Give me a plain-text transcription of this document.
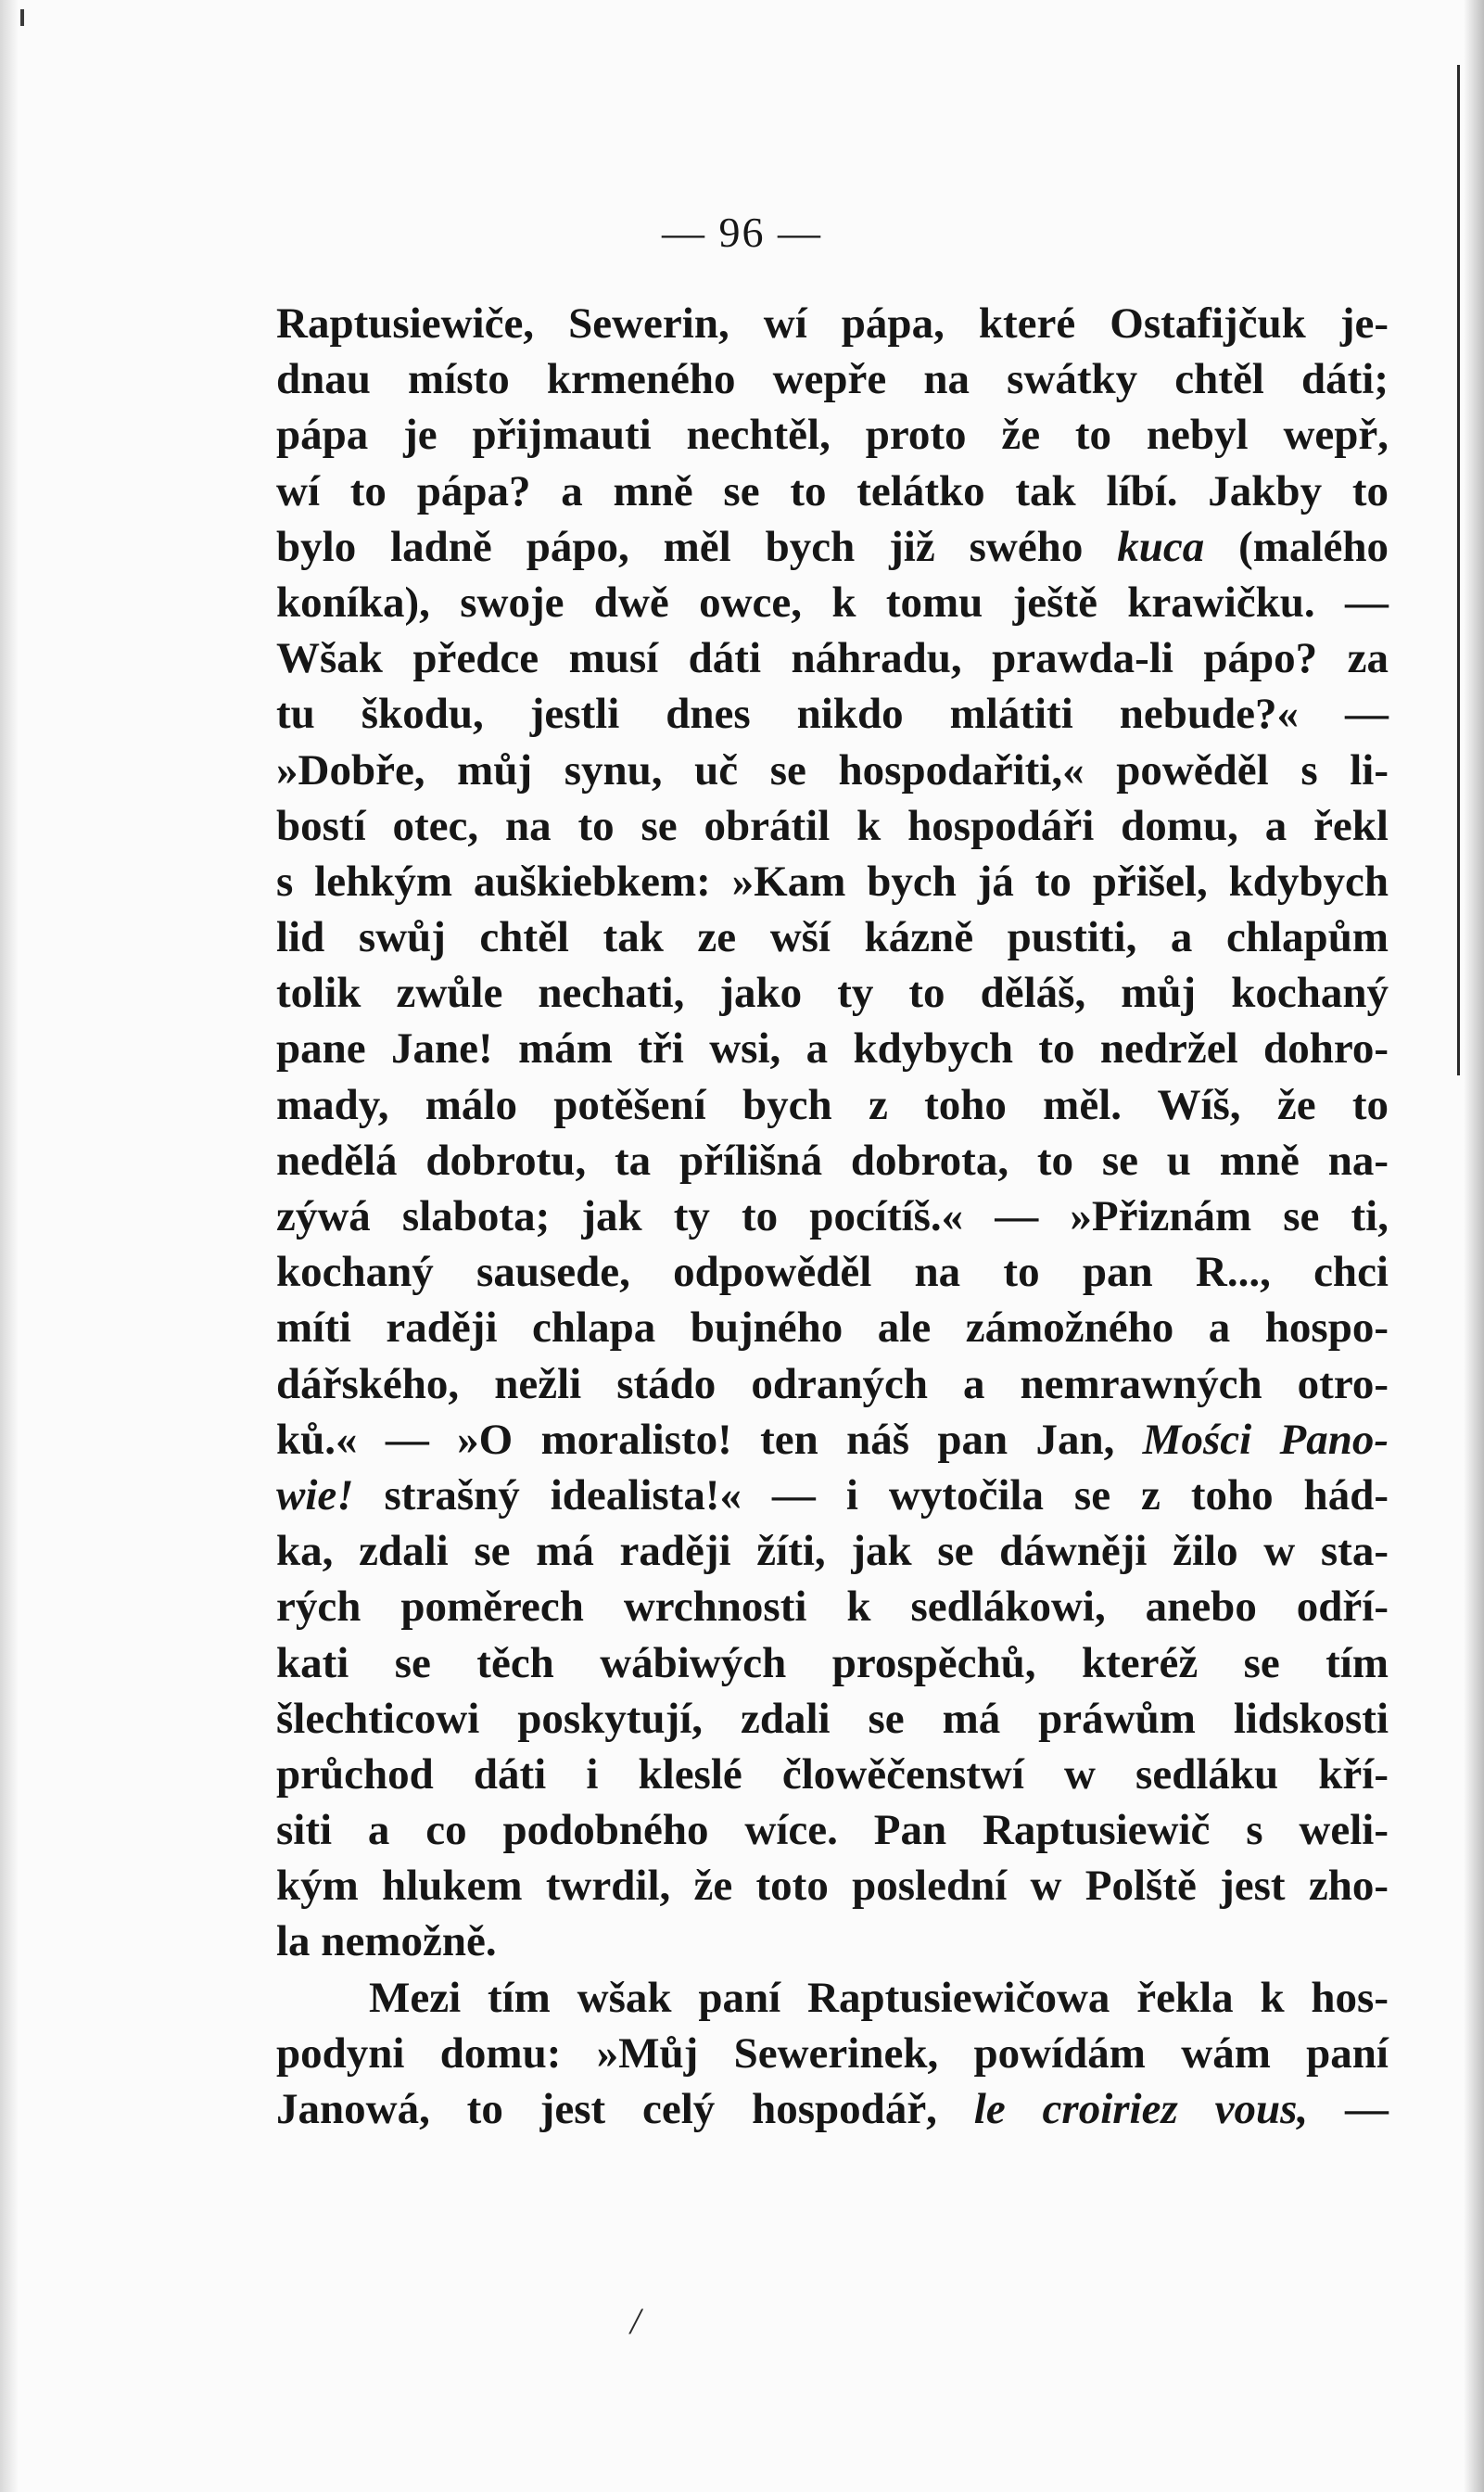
— 96 —
Raptusiewiče, Sewerin, wí pápa, které Ostafijčuk je-
dnau místo krmeného wepře na swátky chtěl dáti;
pápa je přijmauti nechtěl, proto že to nebyl wepř,
wí to pápa? a mně se to telátko tak líbí. Jakby to
bylo ladně pápo, měl bych již swého kuca (malého
koníka), swoje dwě owce, k tomu ještě krawičku. —
Wšak předce musí dáti náhradu, prawda-li pápo? za
tu škodu, jestli dnes nikdo mlátiti nebude?« —
»Dobře, můj synu, uč se hospodařiti,« powěděl s li-
bostí otec, na to se obrátil k hospodáři domu, a řekl
s lehkým auškiebkem: »Kam bych já to přišel, kdybych
lid swůj chtěl tak ze wší kázně pustiti, a chlapům
tolik zwůle nechati, jako ty to děláš, můj kochaný
pane Jane! mám tři wsi, a kdybych to nedržel dohro-
mady, málo potěšení bych z toho měl. Wíš, že to
nedělá dobrotu, ta přílišná dobrota, to se u mně na-
zýwá slabota; jak ty to pocítíš.« — »Přiznám se ti,
kochaný sausede, odpowěděl na to pan R..., chci
míti raději chlapa bujného ale zámožného a hospo-
dářského, nežli stádo odraných a nemrawných otro-
ků.« — »O moralisto! ten náš pan Jan, Mości Pano-
wie! strašný idealista!« — i wytočila se z toho hád-
ka, zdali se má raději žíti, jak se dáwněji žilo w sta-
rých poměrech wrchnosti k sedlákowi, anebo odří-
kati se těch wábiwých prospěchů, kteréž se tím
šlechticowi poskytují, zdali se má práwům lidskosti
průchod dáti i kleslé člowěčenstwí w sedláku kří-
siti a co podobného wíce. Pan Raptusiewič s weli-
kým hlukem twrdil, že toto poslední w Polště jest zho-
la nemožně.
Mezi tím wšak paní Raptusiewičowa řekla k hos-
podyni domu: »Můj Sewerinek, powídám wám paní
Janowá, to jest celý hospodář, le croiriez vous, —
/
